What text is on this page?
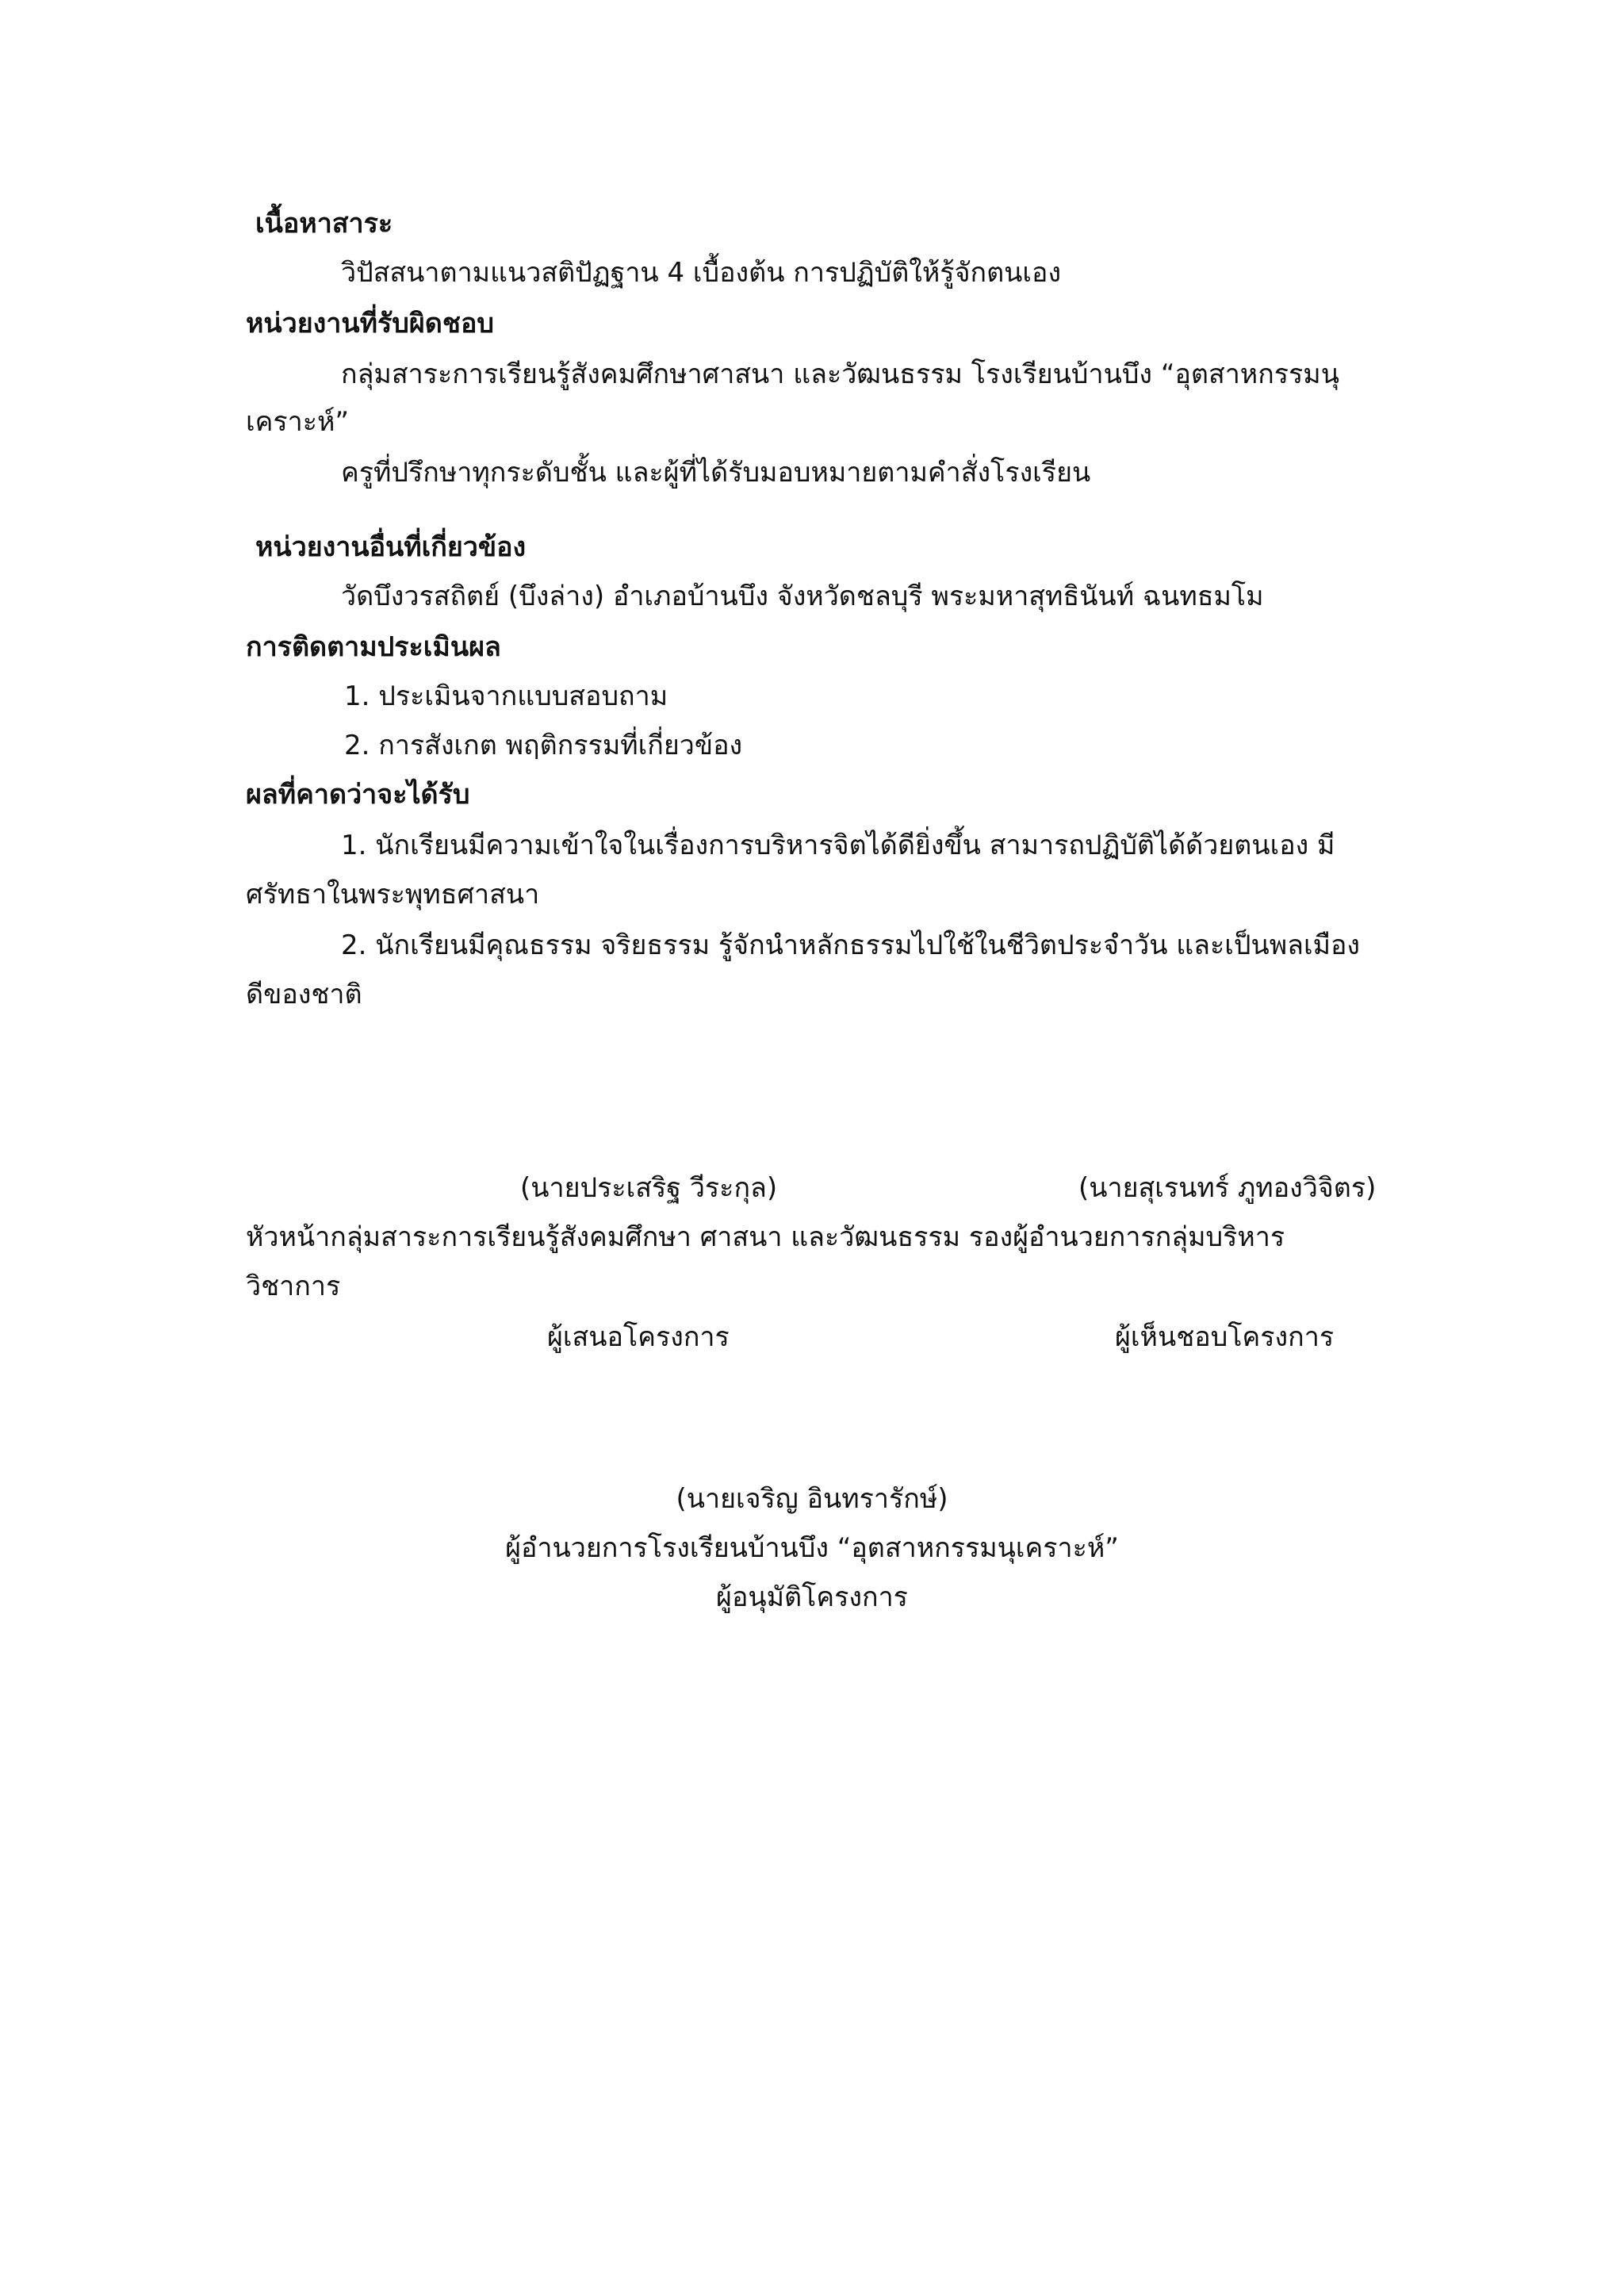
เนื้อหาสาระ
วิปัสสนาตามแนวสติปัฏฐาน 4 เบื้องต้น การปฏิบัติให้รู้จักตนเอง
หน่วยงานที่รับผิดชอบ
กลุ่มสาระการเรียนรู้สังคมศึกษาศาสนา และวัฒนธรรม โรงเรียนบ้านบึง “อุตสาหกรรมนุ
เคราะห์”
ครูที่ปรึกษาทุกระดับชั้น และผู้ที่ได้รับมอบหมายตามคำสั่งโรงเรียน
หน่วยงานอื่นที่เกี่ยวข้อง
วัดบึงวรสถิตย์ (บึงล่าง) อำเภอบ้านบึง จังหวัดชลบุรี พระมหาสุทธินันท์ ฉนทธมโม
การติดตามประเมินผล
1. ประเมินจากแบบสอบถาม
2. การสังเกต พฤติกรรมที่เกี่ยวข้อง
ผลที่คาดว่าจะได้รับ
1. นักเรียนมีความเข้าใจในเรื่องการบริหารจิตได้ดียิ่งขึ้น สามารถปฏิบัติได้ด้วยตนเอง มี
ศรัทธาในพระพุทธศาสนา
2. นักเรียนมีคุณธรรม จริยธรรม รู้จักนำหลักธรรมไปใช้ในชีวิตประจำวัน และเป็นพลเมือง
ดีของชาติ
(นายประเสริฐ วีระกุล)	(นายสุเรนทร์ ภูทองวิจิตร)
หัวหน้ากลุ่มสาระการเรียนรู้สังคมศึกษา ศาสนา และวัฒนธรรม รองผู้อำนวยการกลุ่มบริหาร
วิชาการ
ผู้เสนอโครงการ	ผู้เห็นชอบโครงการ
(นายเจริญ อินทรารักษ์)
ผู้อำนวยการโรงเรียนบ้านบึง “อุตสาหกรรมนุเคราะห์”
ผู้อนุมัติโครงการ
